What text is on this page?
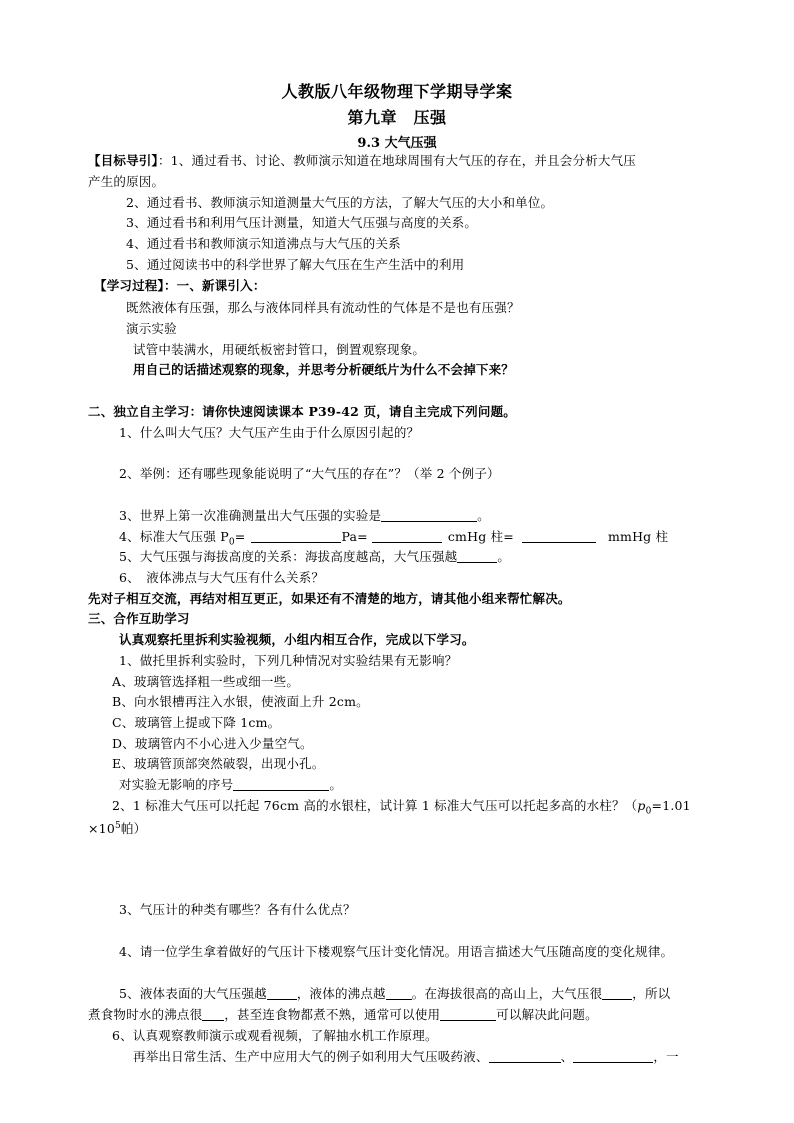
人教版八年级物理下学期导学案
第九章　压强
9.3 大气压强
【目标导引】：1、通过看书、讨论、教师演示知道在地球周围有大气压的存在，并且会分析大气压
产生的原因。
2、通过看书、教师演示知道测量大气压的方法，了解大气压的大小和单位。
3、通过看书和利用气压计测量，知道大气压强与高度的关系。
4、通过看书和教师演示知道沸点与大气压的关系
5、通过阅读书中的科学世界了解大气压在生产生活中的利用
【学习过程】：一、新课引入：
既然液体有压强，那么与液体同样具有流动性的气体是不是也有压强？
演示实验
试管中装满水，用硬纸板密封管口，倒置观察现象。
用自己的话描述观察的现象，并思考分析硬纸片为什么不会掉下来？
二、独立自主学习：请你快速阅读课本 P39-42 页，请自主完成下列问题。
1、什么叫大气压？大气压产生由于什么原因引起的？
2、举例：还有哪些现象能说明了“大气压的存在”？（举 2 个例子）
3、世界上第一次准确测量出大气压强的实验是	。
4、标准大气压强 $P_0=$	Pa=	cmHg 柱=	mmHg 柱
5、大气压强与海拔高度的关系：海拔高度越高，大气压强越	。
6、　液体沸点与大气压有什么关系？
先对子相互交流，再结对相互更正，如果还有不清楚的地方，请其他小组来帮忙解决。
三、合作互助学习
认真观察托里拆利实验视频，小组内相互合作，完成以下学习。
1、做托里拆利实验时，下列几种情况对实验结果有无影响？
A、玻璃管选择粗一些或细一些。
B、向水银槽再注入水银，使液面上升 2cm。
C、玻璃管上提或下降 1cm。
D、玻璃管内不小心进入少量空气。
E、玻璃管顶部突然破裂，出现小孔。
对实验无影响的序号	。
2、1 标准大气压可以托起 76cm 高的水银柱，试计算 1 标准大气压可以托起多高的水柱？（$p_0=1.01$
$\times 10^5$帕）
3、气压计的种类有哪些？各有什么优点？
4、请一位学生拿着做好的气压计下楼观察气压计变化情况。用语言描述大气压随高度的变化规律。
5、液体表面的大气压强越 ，液体的沸点越 。在海拔很高的高山上，大气压很 ，所以
煮食物时水的沸点很 ，甚至连食物都煮不熟，通常可以使用	可以解决此问题。
6、认真观察教师演示或观看视频，了解抽水机工作原理。
再举出日常生活、生产中应用大气的例子如利用大气压吸药液、	、	，一
